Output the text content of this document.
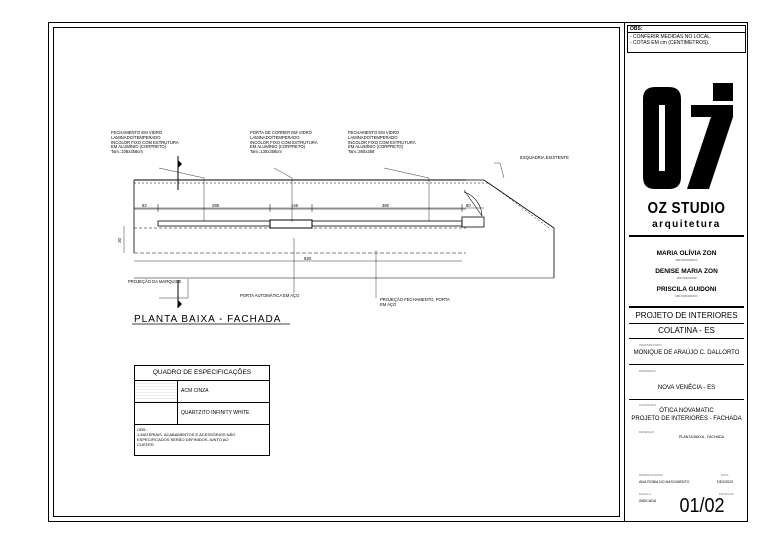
FECHAMENTO EM VIDRO
LAMINADO/TEMPERADO
INCOLOR FIXO COM ESTRUTURA
EM ALUMÍNIO (CORPRETO)
Tam.:108x258cm
PORTA DE CORRER EM VIDRO
LAMINADO/TEMPERADO
INCOLOR FIXO COM ESTRUTURA
EM ALUMÍNIO (CORPRETO)
Tam.:130x258cm
FECHAMENTO EM VIDRO
LAMINADO/TEMPERADO
INCOLOR FIXO COM ESTRUTURA
EM ALUMÍNIO (CORPRETO)
Tam.:360x258
ESQUADRIA EXISTENTE
PROJEÇÃO DA MARQUISE
PORTA AUTOMÁTICA EM AÇO
PROJEÇÃO FECHAMENTO, PORTA
EM AÇO
92	288	146	360	80
920
30
PLANTA BAIXA - FACHADA
QUADRO DE ESPECIFICAÇÕES
ACM CINZA
QUARTZITO INFINITY WHITE
OBS.:
1-MATERIAIS, ACABAMENTOS E ACESSÓRIOS NÃO
ESPECIFICADOS SERÃO DEFINIDOS JUNTO AO
CLIENTE.
OBS:
- CONFERIR MEDIDAS NO LOCAL.
- COTAS EM cm (CENTIMETROS).
OZ STUDIO
arquitetura
MARIA OLÍVIA ZON
ABD 0000000000 0
DENISE MARIA ZON
ABD 0000000000
PRISCILA GUIDONI
ABD 0000000000 0
PROJETO DE INTERIORES
COLATINA - ES
PROPRIETÁRIO
MONIQUE DE ARAÚJO C. DALLORTO
ENDEREÇO
NOVA VENÉCIA - ES
CONTEÚDO
ÓTICA NOVAMATIC
PROJETO DE INTERIORES - FACHADA
DESENHO
PLANTA BAIXA - FACHADA
DESENHO/ARTE	DATA
ANA ROBIA DO NASCIMENTO	DEZ/2020
ESCALA	PRANCHA
INDICADA 01/02
